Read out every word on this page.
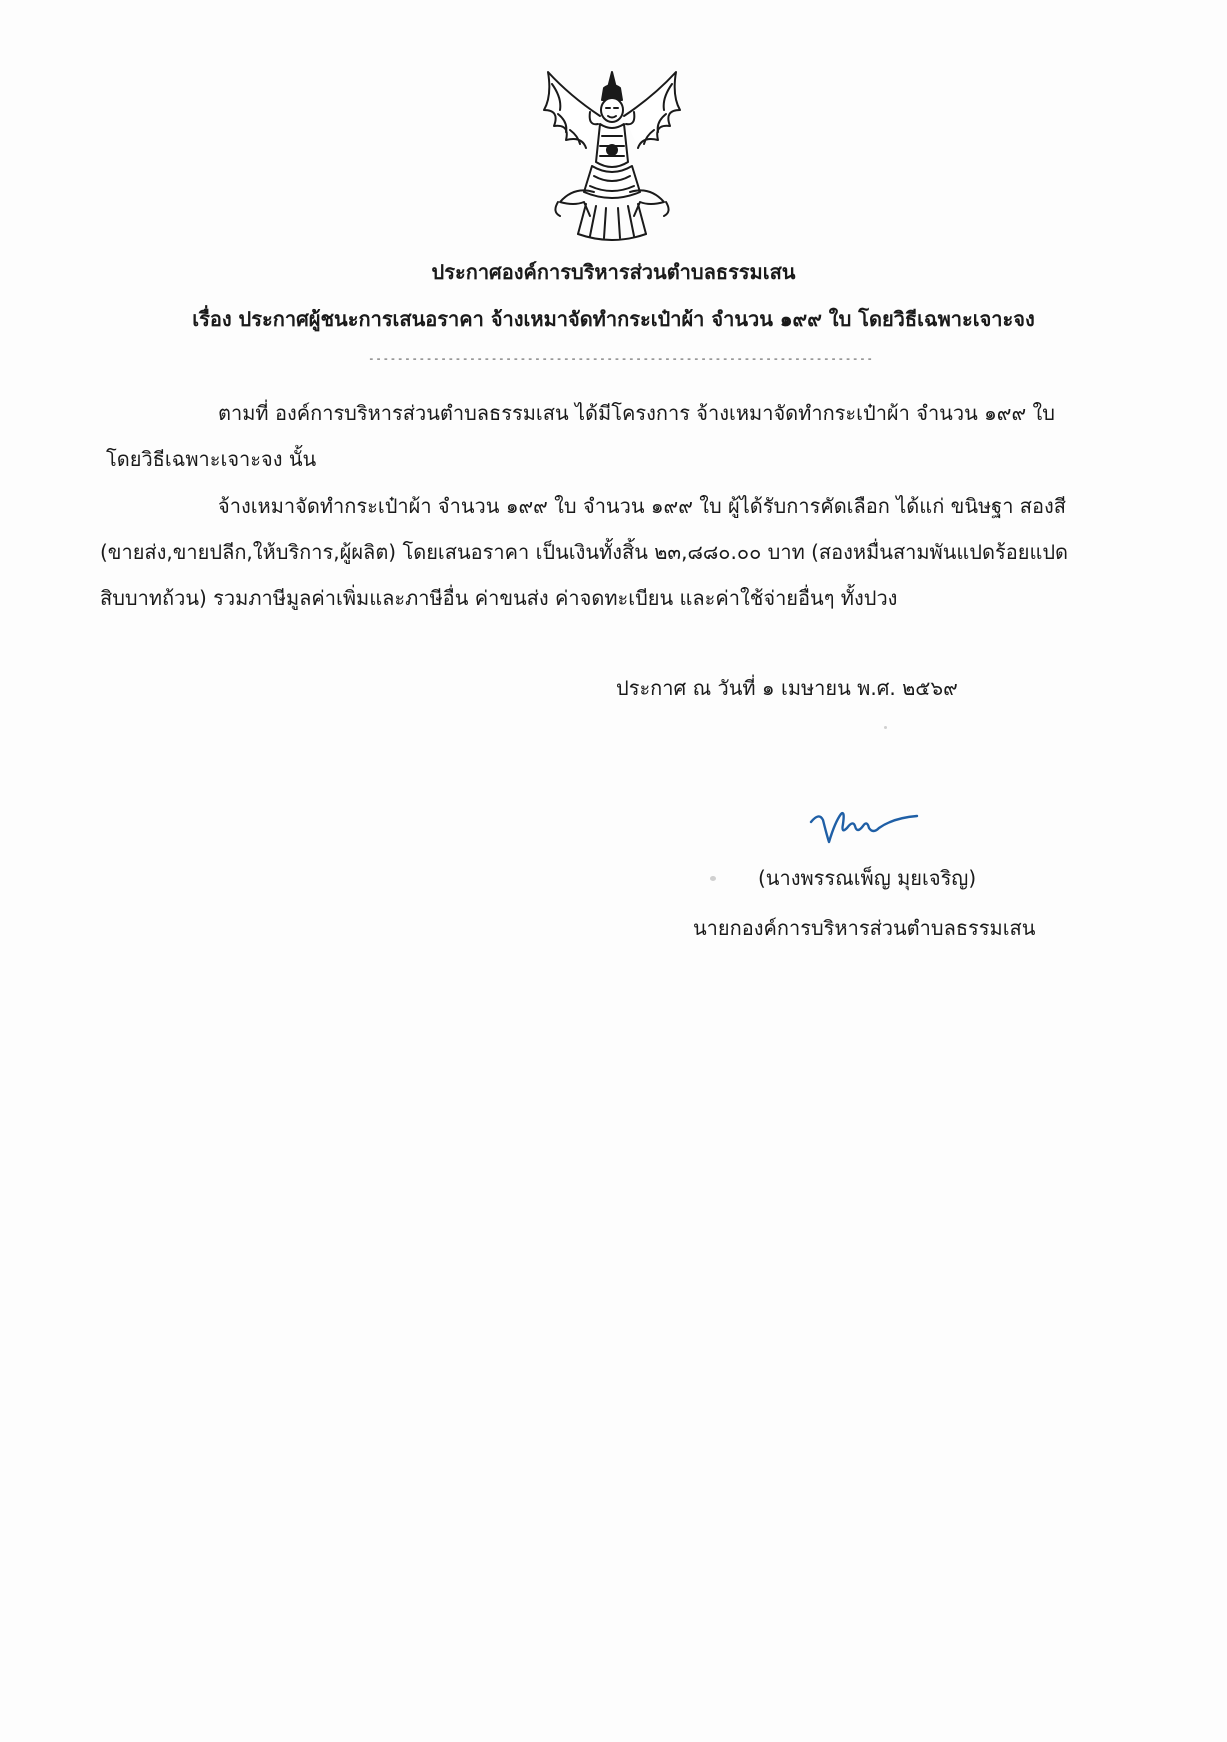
ประกาศองค์การบริหารส่วนตำบลธรรมเสน
เรื่อง ประกาศผู้ชนะการเสนอราคา จ้างเหมาจัดทำกระเป๋าผ้า จำนวน ๑๙๙ ใบ โดยวิธีเฉพาะเจาะจง
----------------------------------------------------------------------
ตามที่ องค์การบริหารส่วนตำบลธรรมเสน ได้มีโครงการ จ้างเหมาจัดทำกระเป๋าผ้า จำนวน ๑๙๙ ใบ
โดยวิธีเฉพาะเจาะจง นั้น
จ้างเหมาจัดทำกระเป๋าผ้า จำนวน ๑๙๙ ใบ จำนวน ๑๙๙ ใบ ผู้ได้รับการคัดเลือก ได้แก่ ขนิษฐา สองสี
(ขายส่ง,ขายปลีก,ให้บริการ,ผู้ผลิต) โดยเสนอราคา เป็นเงินทั้งสิ้น ๒๓,๘๘๐.๐๐ บาท (สองหมื่นสามพันแปดร้อยแปด
สิบบาทถ้วน) รวมภาษีมูลค่าเพิ่มและภาษีอื่น ค่าขนส่ง ค่าจดทะเบียน และค่าใช้จ่ายอื่นๆ ทั้งปวง
ประกาศ ณ วันที่ ๑ เมษายน พ.ศ. ๒๕๖๙
(นางพรรณเพ็ญ มุยเจริญ)
นายกองค์การบริหารส่วนตำบลธรรมเสน
